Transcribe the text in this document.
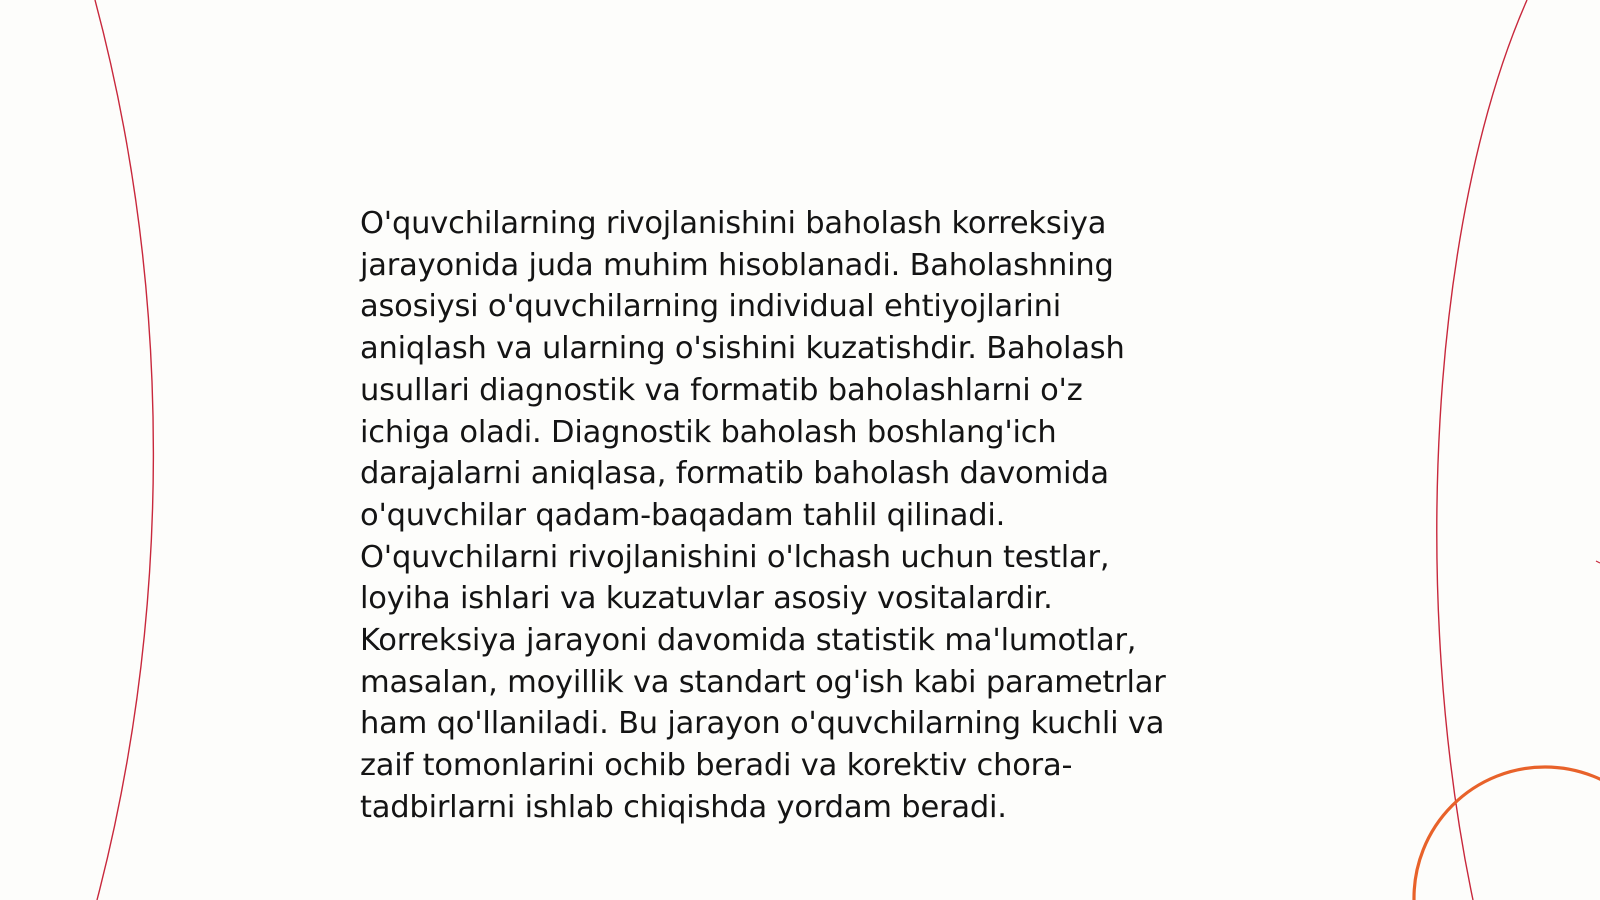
O'quvchilarning rivojlanishini baholash korreksiya
jarayonida juda muhim hisoblanadi. Baholashning
asosiysi o'quvchilarning individual ehtiyojlarini
aniqlash va ularning o'sishini kuzatishdir. Baholash
usullari diagnostik va formatib baholashlarni o'z
ichiga oladi. Diagnostik baholash boshlang'ich
darajalarni aniqlasa, formatib baholash davomida
o'quvchilar qadam-baqadam tahlil qilinadi.
O'quvchilarni rivojlanishini o'lchash uchun testlar,
loyiha ishlari va kuzatuvlar asosiy vositalardir.
Korreksiya jarayoni davomida statistik ma'lumotlar,
masalan, moyillik va standart og'ish kabi parametrlar
ham qo'llaniladi. Bu jarayon o'quvchilarning kuchli va
zaif tomonlarini ochib beradi va korektiv chora-
tadbirlarni ishlab chiqishda yordam beradi.
